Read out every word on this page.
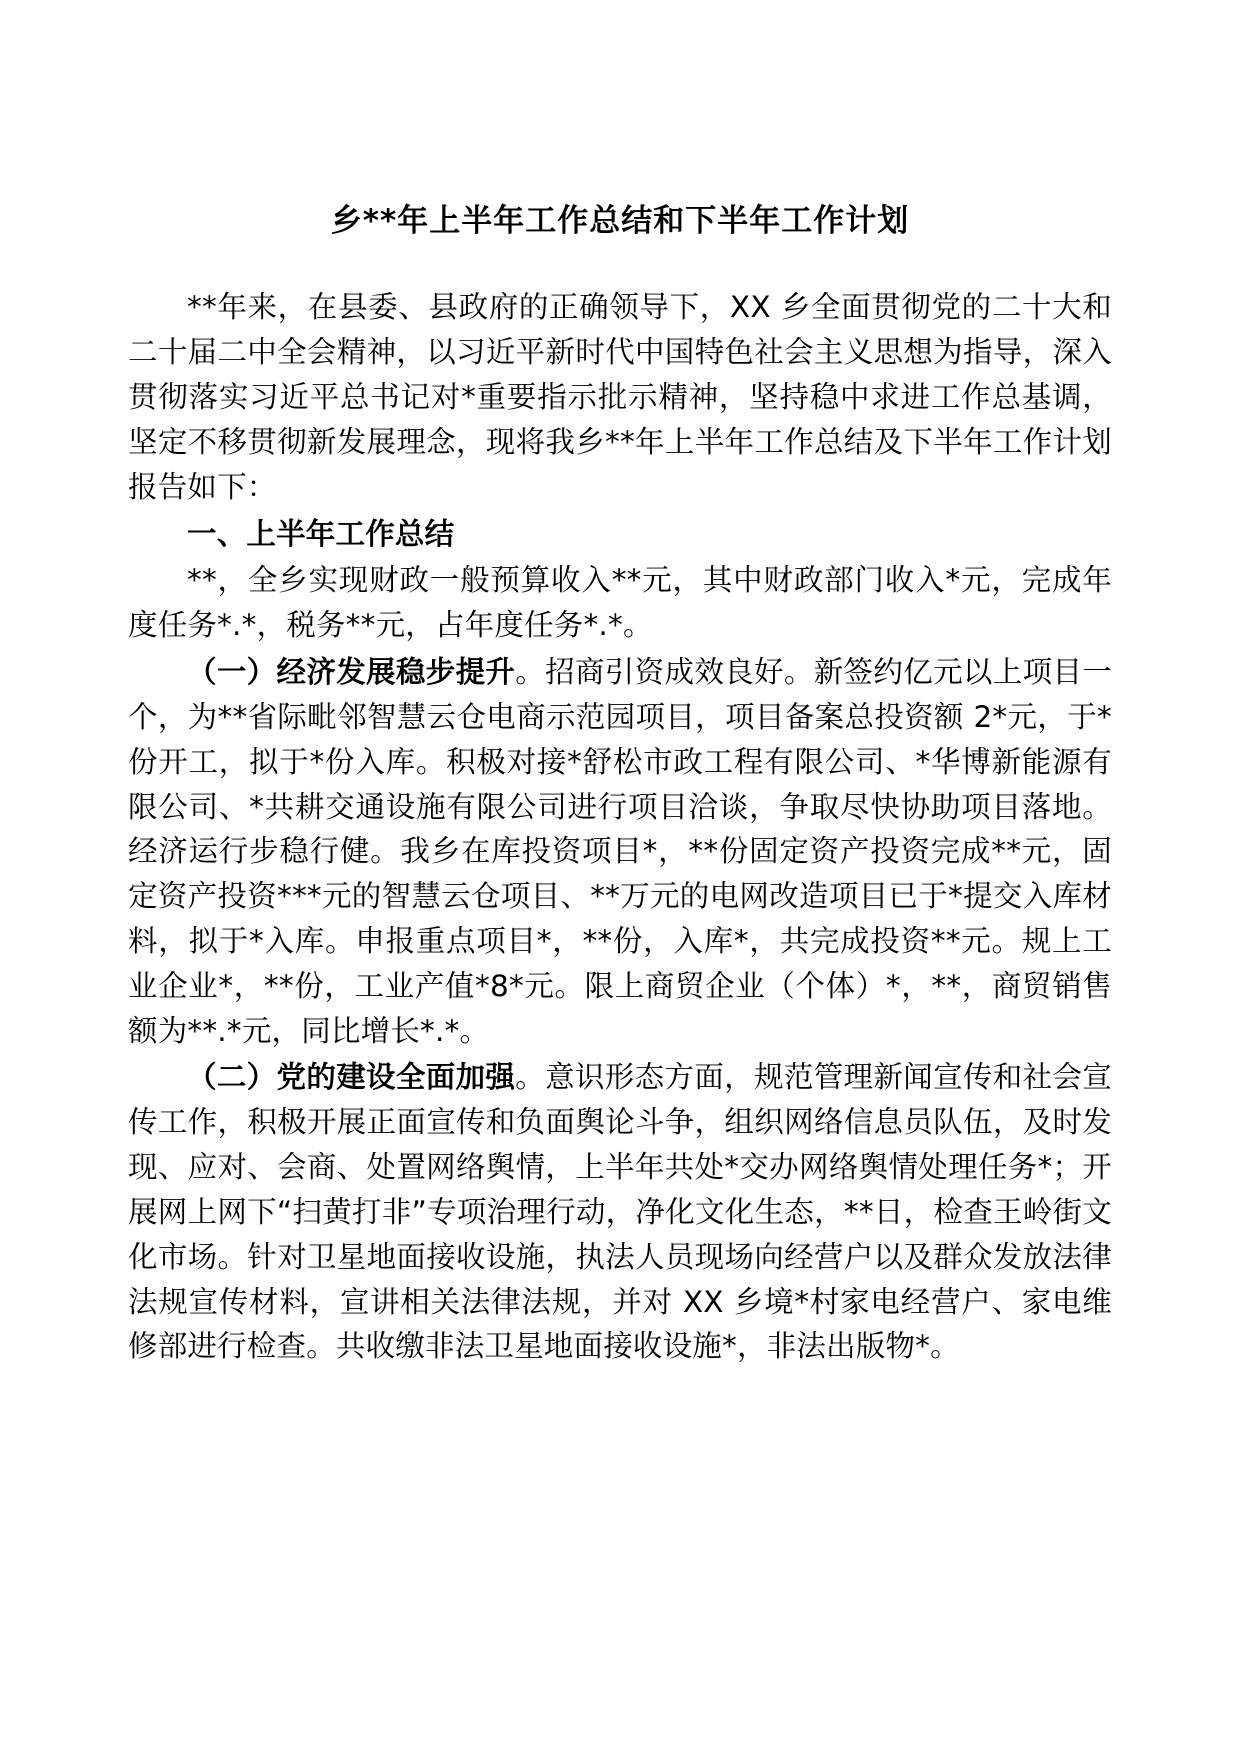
乡**年上半年工作总结和下半年工作计划

**年来，在县委、县政府的正确领导下，XX 乡全面贯彻党的二十大和二十届二中全会精神，以习近平新时代中国特色社会主义思想为指导，深入贯彻落实习近平总书记对*重要指示批示精神，坚持稳中求进工作总基调，坚定不移贯彻新发展理念，现将我乡**年上半年工作总结及下半年工作计划报告如下：

一、上半年工作总结

**，全乡实现财政一般预算收入**元，其中财政部门收入*元，完成年度任务*.*，税务**元，占年度任务*.*。

（一）经济发展稳步提升。招商引资成效良好。新签约亿元以上项目一个，为**省际毗邻智慧云仓电商示范园项目，项目备案总投资额 2*元，于*份开工，拟于*份入库。积极对接*舒松市政工程有限公司、*华博新能源有限公司、*共耕交通设施有限公司进行项目洽谈，争取尽快协助项目落地。经济运行步稳行健。我乡在库投资项目*，**份固定资产投资完成**元，固定资产投资***元的智慧云仓项目、**万元的电网改造项目已于*提交入库材料，拟于*入库。申报重点项目*，**份，入库*，共完成投资**元。规上工业企业*，**份，工业产值*8*元。限上商贸企业（个体）*，**，商贸销售额为**.*元，同比增长*.*。

（二）党的建设全面加强。意识形态方面，规范管理新闻宣传和社会宣传工作，积极开展正面宣传和负面舆论斗争，组织网络信息员队伍，及时发现、应对、会商、处置网络舆情，上半年共处*交办网络舆情处理任务*；开展网上网下“扫黄打非”专项治理行动，净化文化生态，**日，检查王岭街文化市场。针对卫星地面接收设施，执法人员现场向经营户以及群众发放法律法规宣传材料，宣讲相关法律法规，并对 XX 乡境*村家电经营户、家电维修部进行检查。共收缴非法卫星地面接收设施*，非法出版物*。
